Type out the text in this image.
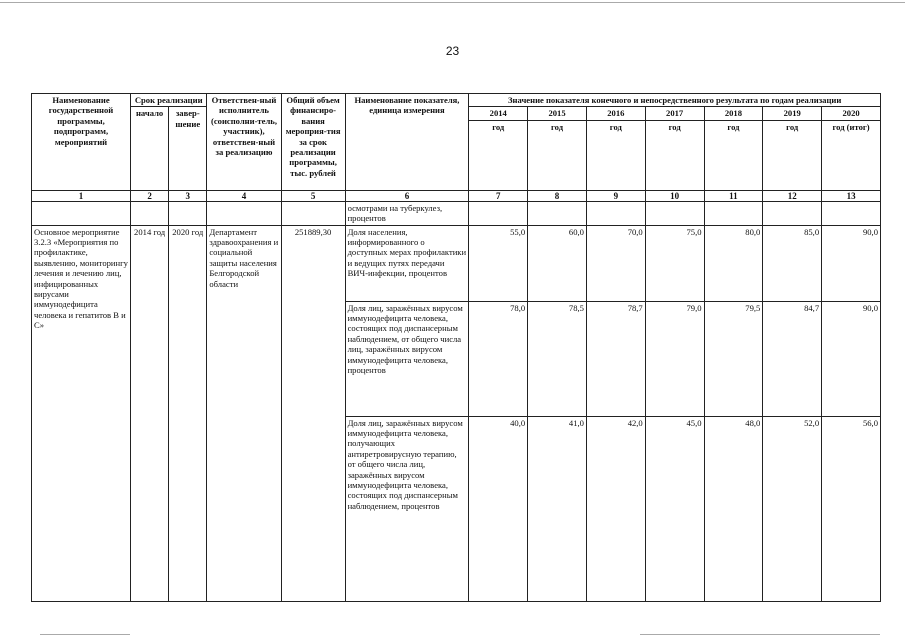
23
Наименование государственной программы, подпрограмм, мероприятий	Срок реализации		Ответствен-ный исполнитель (соисполни-тель, участник), ответствен-ный за реализацию	Общий объем финансиро-вания мероприя-тия за срок реализации программы, тыс. рублей	Наименование показателя, единица измерения	Значение показателя конечного и непосредственного результата по годам реализации						
	начало	завер-шение				2014	2015	2016	2017	2018	2019	2020
						год	год	год	год	год	год	год (итог)
1	2	3	4	5	6	7	8	9	10	11	12	13
					осмотрами на туберкулез, процентов							
Основное мероприятие 3.2.3 «Мероприятия по профилактике, выявлению, мониторингу лечения и лечению лиц, инфицированных вирусами иммунодефицита человека и гепатитов В и С»	2014 год	2020 год	Департамент здравоохранения и социальной защиты населения Белгородской области	251889,30	Доля населения, информированного о доступных мерах профилактики и ведущих путях передачи ВИЧ-инфекции, процентов	55,0	60,0	70,0	75,0	80,0	85,0	90,0
					Доля лиц, заражённых вирусом иммунодефицита человека, состоящих под диспансерным наблюдением, от общего числа лиц, заражённых вирусом иммунодефицита человека, процентов	78,0	78,5	78,7	79,0	79,5	84,7	90,0
					Доля лиц, заражённых вирусом иммунодефицита человека, получающих антиретровирусную терапию, от общего числа лиц, заражённых вирусом иммунодефицита человека, состоящих под диспансерным наблюдением, процентов	40,0	41,0	42,0	45,0	48,0	52,0	56,0
